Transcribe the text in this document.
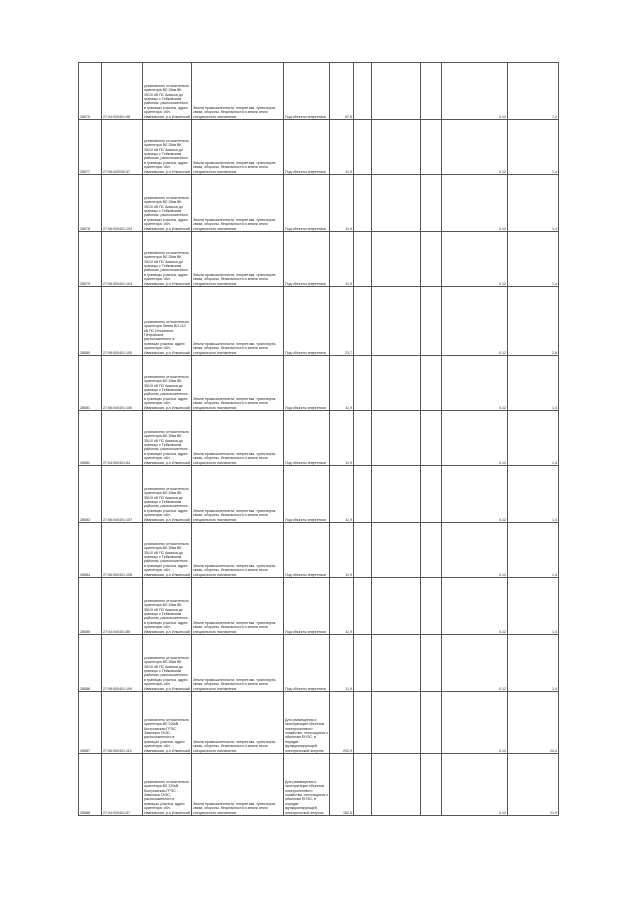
28575	27:04:000401:98	установлено относительно ориентира ВЛ-35кв ВК 35/10 кВ ПС Амалка до границы с Тейковским районом, расположенного в границах участка. адрес ориентира: обл. Ивановская, р-н Ильинский	Земли промышленности, энергетики, транспорта, связи, обороны, безопасности и земли иного специального назначения	Под объекты энергетики	57,6				0,12	7,2
28577	27:06:000000:37	установлено относительно ориентира ВЛ-35кв ВК 35/10 кВ ПС Амалка до границы с Тейковским районом, расположенного в границах участка. адрес ориентира: обл. Ивановская, р-н Ильинский	Земли промышленности, энергетики, транспорта, связи, обороны, безопасности и земли иного специального назначения	Под объекты энергетики	11,9				0,12	1,4
28578	27:06:000401:103	установлено относительно ориентира ВЛ-35кв ВК 35/10 кВ ПС Амалка до границы с Тейковским районом, расположенного в границах участка. адрес ориентира: обл. Ивановская, р-н Ильинский	Земли промышленности, энергетики, транспорта, связи, обороны, безопасности и земли иного специального назначения	Под объекты энергетики	11,9				0,12	1,4
28579	27:06:000401:104	установлено относительно ориентира ВЛ-35кв ВК 35/10 кВ ПС Амалка до границы с Тейковским районом, расположенного в границах участка. адрес ориентира: обл. Ивановская, р-н Ильинский	Земли промышленности, энергетики, транспорта, связи, обороны, безопасности и земли иного специального назначения	Под объекты энергетики	11,9				0,12	1,4
28580	27:06:000401:105	установлено относительно ориентира Линия ВЛ-110 кВ ПС Ильинское-Петровское, расположенного в границах участка. адрес ориентира: обл. Ивановская, р-н Ильинский	Земли промышленности, энергетики, транспорта, связи, обороны, безопасности и земли иного специального назначения	Под объекты энергетики	23,7				0,12	2,8
28581	27:06:000401:106	установлено относительно ориентира ВЛ-35кв ВК 35/10 кВ ПС Амалка до границы с Тейковским районом, расположенного в границах участка. адрес ориентира: обл. Ивановская, р-н Ильинский	Земли промышленности, энергетики, транспорта, связи, обороны, безопасности и земли иного специального назначения	Под объекты энергетики	11,9				0,12	1,4
28582	27:04:000401:84	установлено относительно ориентира ВЛ-35кв ВК 35/10 кВ ПС Амалка до границы с Тейковским районом, расположенного в границах участка. адрес ориентира: обл. Ивановская, р-н Ильинский	Земли промышленности, энергетики, транспорта, связи, обороны, безопасности и земли иного специального назначения	Под объекты энергетики	11,9				0,12	1,4
28583	27:06:000401:107	установлено относительно ориентира ВЛ-35кв ВК 35/10 кВ ПС Амалка до границы с Тейковским районом, расположенного в границах участка. адрес ориентира: обл. Ивановская, р-н Ильинский	Земли промышленности, энергетики, транспорта, связи, обороны, безопасности и земли иного специального назначения	Под объекты энергетики	11,9				0,12	1,4
28584	27:06:000401:108	установлено относительно ориентира ВЛ-35кв ВК 35/10 кВ ПС Амалка до границы с Тейковским районом, расположенного в границах участка. адрес ориентира: обл. Ивановская, р-н Ильинский	Земли промышленности, энергетики, транспорта, связи, обороны, безопасности и земли иного специального назначения	Под объекты энергетики	11,9				0,12	1,4
28585	27:04:000401:85	установлено относительно ориентира ВЛ-35кв ВК 35/10 кВ ПС Амалка до границы с Тейковским районом, расположенного в границах участка. адрес ориентира: обл. Ивановская, р-н Ильинский	Земли промышленности, энергетики, транспорта, связи, обороны, безопасности и земли иного специального назначения	Под объекты энергетики	11,9				0,12	1,4
28586	27:06:000401:109	установлено относительно ориентира ВЛ-35кв ВК 35/10 кВ ПС Амалка до границы с Тейковским районом, расположенного в границах участка. адрес ориентира: обл. Ивановская, р-н Ильинский	Земли промышленности, энергетики, транспорта, связи, обороны, безопасности и земли иного специального назначения	Под объекты энергетики	11,9				0,12	1,4
28587	27:06:000401:110	установлено относительно ориентира ВЛ 220кВ Костромская ГРЭС - Заволжск ГАЭС, расположенного в границах участка. адрес ориентира: обл. Ивановская, р-н Ильинский	Земли промышленности, энергетики, транспорта, связи, обороны, безопасности и земли иного специального назначения	Для размещения и эксплуатации объектов электросетевого хозяйства, относящихся к объектам ЕНЭС, в порядке функционирующей электрической энергии	202,9				0,12	24,4
28588	27:04:000401:87	установлено относительно ориентира ВЛ 220кВ Костромская ГРЭС - Заволжск ГАЭС, расположенного в границах участка. адрес ориентира: обл. Ивановская, р-н Ильинский	Земли промышленности, энергетики, транспорта, связи, обороны, безопасности и земли иного специального назначения	Для размещения и эксплуатации объектов электросетевого хозяйства, относящихся к объектам ЕНЭС, в порядке функционирующей электрической энергии	182,6				0,12	21,9
